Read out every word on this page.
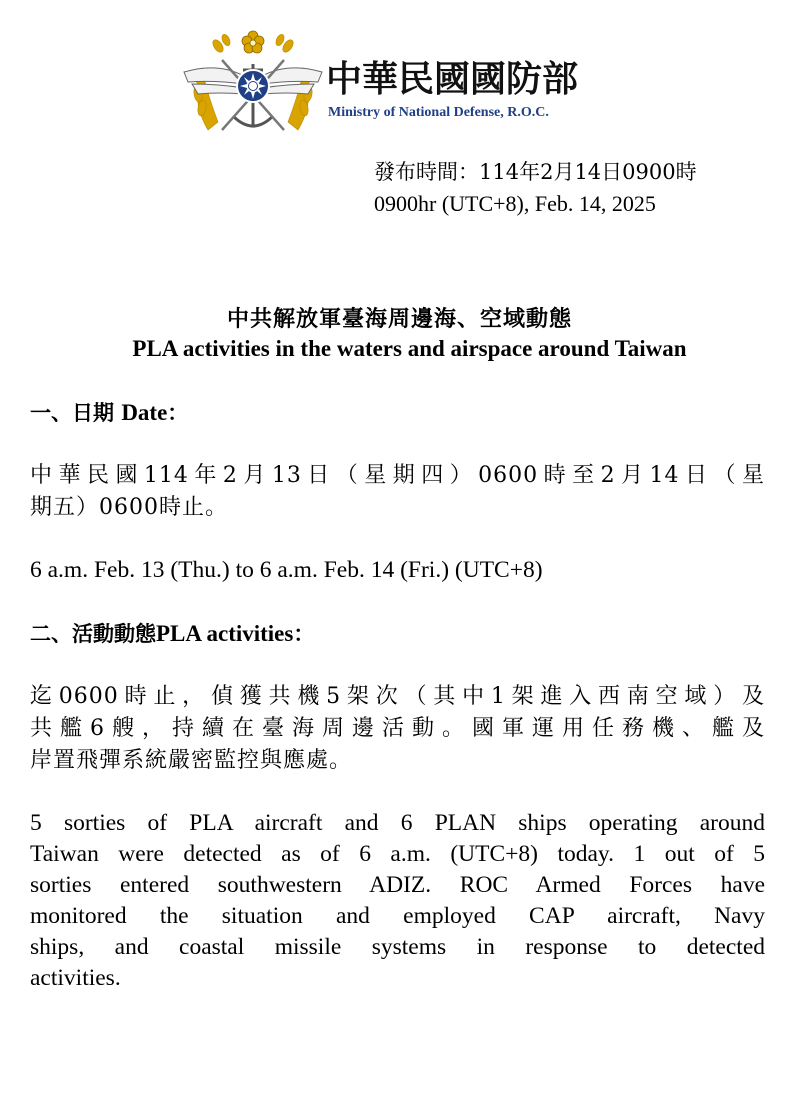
中華民國國防部
Ministry of National Defense, R.O.C.
發布時間：114年2月14日0900時
0900hr (UTC+8), Feb. 14, 2025
中共解放軍臺海周邊海、空域動態
PLA activities in the waters and airspace around Taiwan
一、日期 Date：
中華民國114年2月13日（星期四）0600時至2月14日（星
期五）0600時止。
6 a.m. Feb. 13 (Thu.) to 6 a.m. Feb. 14 (Fri.) (UTC+8)
二、活動動態PLA activities：
迄0600時止，偵獲共機5架次（其中1架進入西南空域）及
共艦6艘，持續在臺海周邊活動。國軍運用任務機、艦及
岸置飛彈系統嚴密監控與應處。
5 sorties of PLA aircraft and 6 PLAN ships operating around
Taiwan were detected as of 6 a.m. (UTC+8) today. 1 out of 5
sorties entered southwestern ADIZ. ROC Armed Forces have
monitored the situation and employed CAP aircraft, Navy
ships, and coastal missile systems in response to detected
activities.
